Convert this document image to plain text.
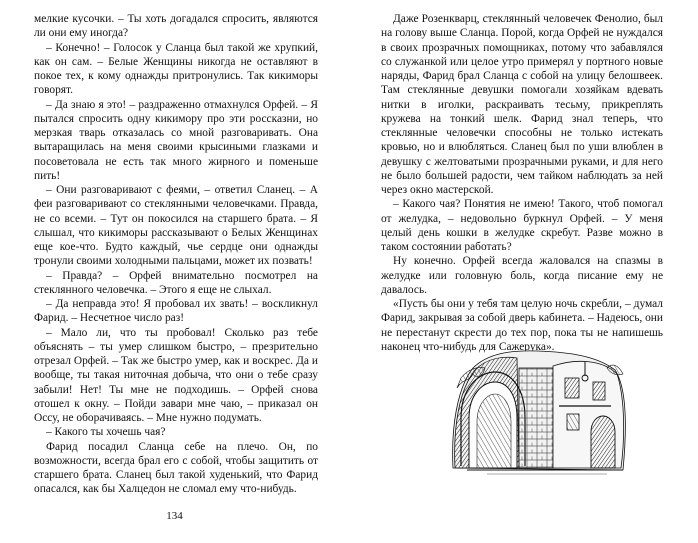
мелкие кусочки. – Ты хоть догадался спросить, являются ли они ему иногда?

– Конечно! – Голосок у Сланца был такой же хрупкий, как он сам. – Белые Женщины никогда не оставляют в покое тех, к кому однажды притронулись. Так кикиморы говорят.

– Да знаю я это! – раздраженно отмахнулся Орфей. – Я пытался спросить одну кикимору про эти россказни, но мерзкая тварь отказалась со мной разговаривать. Она вытаращилась на меня своими крысиными глазками и посоветовала не есть так много жирного и поменьше пить!

– Они разговаривают с феями, – ответил Сланец. – А феи разговаривают со стеклянными человечками. Правда, не со всеми. – Тут он покосился на старшего брата. – Я слышал, что кикиморы рассказывают о Белых Женщинах еще кое-что. Будто каждый, чье сердце они однажды тронули своими холодными пальцами, может их позвать!

– Правда? – Орфей внимательно посмотрел на стеклянного человечка. – Этого я еще не слыхал.

– Да неправда это! Я пробовал их звать! – воскликнул Фарид. – Несчетное число раз!

– Мало ли, что ты пробовал! Сколько раз тебе объяснять – ты умер слишком быстро, – презрительно отрезал Орфей. – Так же быстро умер, как и воскрес. Да и вообще, ты такая ниточная добыча, что они о тебе сразу забыли! Нет! Ты мне не подходишь. – Орфей снова отошел к окну. – Пойди завари мне чаю, – приказал он Оссу, не оборачиваясь. – Мне нужно подумать.

– Какого ты хочешь чая?

Фарид посадил Сланца себе на плечо. Он, по возможности, всегда брал его с собой, чтобы защитить от старшего брата. Сланец был такой худенький, что Фарид опасался, как бы Халцедон не сломал ему что-нибудь.

134

Даже Розенкварц, стеклянный человечек Фенолио, был на голову выше Сланца. Порой, когда Орфей не нуждался в своих прозрачных помощниках, потому что забавлялся со служанкой или целое утро примерял у портного новые наряды, Фарид брал Сланца с собой на улицу белошвеек. Там стеклянные девушки помогали хозяйкам вдевать нитки в иголки, раскраивать тесьму, прикреплять кружева на тонкий шелк. Фарид знал теперь, что стеклянные человечки способны не только истекать кровью, но и влюбляться. Сланец был по уши влюблен в девушку с желтоватыми прозрачными руками, и для него не было большей радости, чем тайком наблюдать за ней через окно мастерской.

– Какого чая? Понятия не имею! Такого, чтоб помогал от желудка, – недовольно буркнул Орфей. – У меня целый день кошки в желудке скребут. Разве можно в таком состоянии работать?

Ну конечно. Орфей всегда жаловался на спазмы в желудке или головную боль, когда писание ему не давалось.

«Пусть бы они у тебя там целую ночь скребли, – думал Фарид, закрывая за собой дверь кабинета. – Надеюсь, они не перестанут скрести до тех пор, пока ты не напишешь наконец что-нибудь для Сажерука».
